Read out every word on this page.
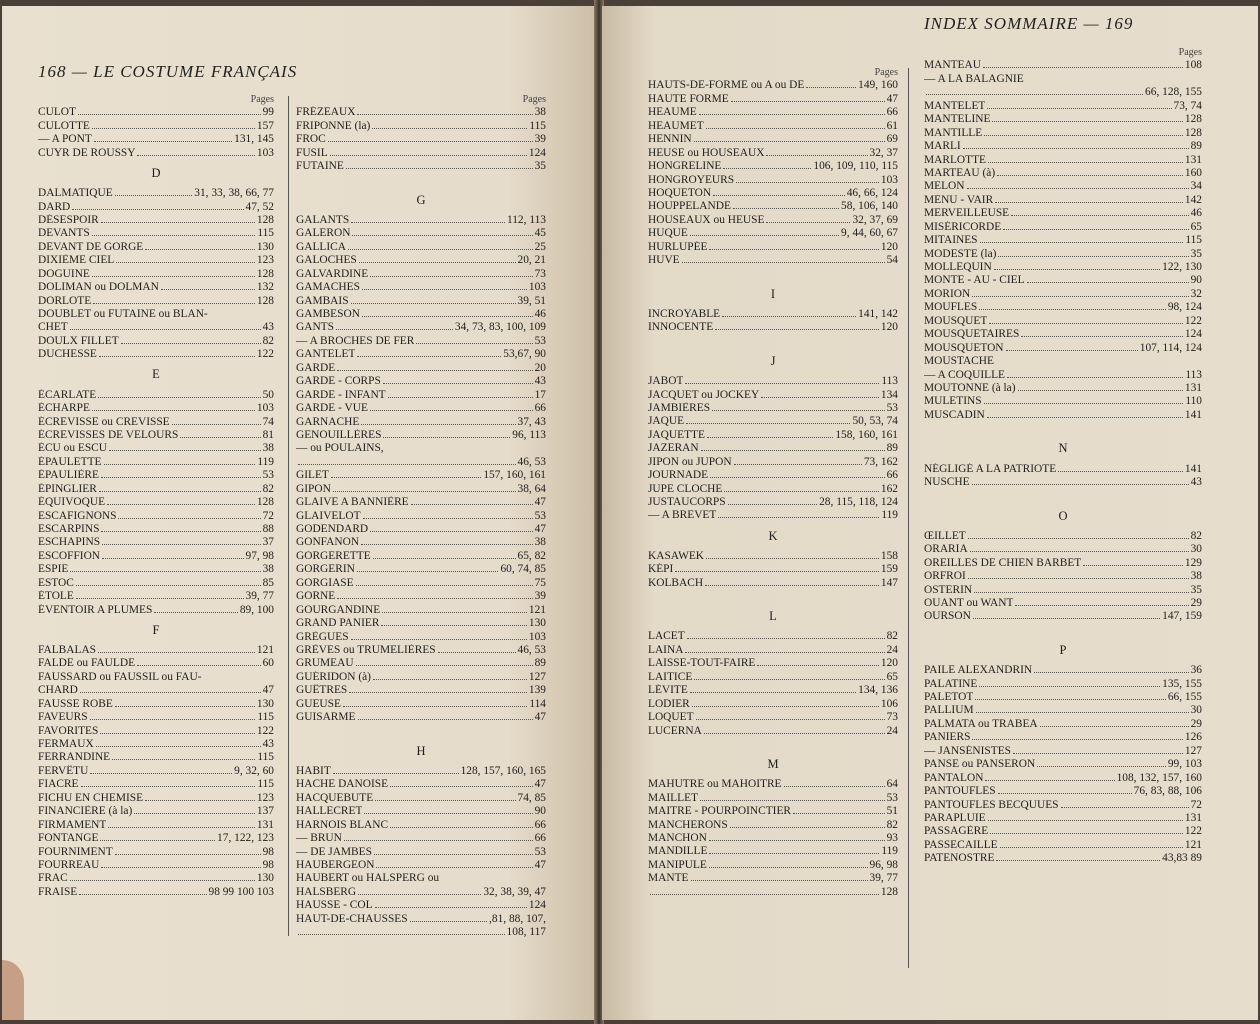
168 — LE COSTUME FRANÇAIS
Pages
CULOT	99
CULOTTE	157
— A PONT	131, 145
CUYR DE ROUSSY	103
D
DALMATIQUE	31, 33, 38, 66, 77
DARD	47, 52
DÉSESPOIR	128
DEVANTS	115
DEVANT DE GORGE	130
DIXIÈME CIEL	123
DOGUINE	128
DOLIMAN ou DOLMAN	132
DORLOTE	128
DOUBLET ou FUTAINE ou BLAN-
CHET	43
DOULX FILLET	82
DUCHESSE	122
E
ÉCARLATE	50
ÉCHARPE	103
ÉCREVISSE ou CREVISSE	74
ÉCREVISSES DE VELOURS	81
ÉCU ou ESCU	38
ÉPAULETTE	119
ÉPAULIÈRE	53
ÉPINGLIER	82
ÉQUIVOQUE	128
ESCAFIGNONS	72
ESCARPINS	88
ESCHAPINS	37
ESCOFFION	97, 98
ESPIE	38
ESTOC	85
ÉTOLE	39, 77
ÉVENTOIR A PLUMES	89, 100
F
FALBALAS	121
FALDE ou FAULDE	60
FAUSSARD ou FAUSSIL ou FAU-
CHARD	47
FAUSSE ROBE	130
FAVEURS	115
FAVORITES	122
FERMAUX	43
FERRANDINE	115
FERVÊTU	9, 32, 60
FIACRE	115
FICHU EN CHEMISE	123
FINANCIÈRE (à la)	137
FIRMAMENT	131
FONTANGE	17, 122, 123
FOURNIMENT	98
FOURREAU	98
FRAC	130
FRAISE	98 99 100 103
Pages
FRÉZEAUX	38
FRIPONNE (la)	115
FROC	39
FUSIL	124
FUTAINE	35
G
GALANTS	112, 113
GALERON	45
GALLICA	25
GALOCHES	20, 21
GALVARDINE	73
GAMACHES	103
GAMBAIS	39, 51
GAMBESON	46
GANTS	34, 73, 83, 100, 109
— A BROCHES DE FER	53
GANTELET	53,67, 90
GARDE	20
GARDE - CORPS	43
GARDE - INFANT	17
GARDE - VUE	66
GARNACHE	37, 43
GENOUILLÈRES	96, 113
— ou POULAINS,
46, 53
GILET	157, 160, 161
GIPON	38, 64
GLAIVE A BANNIÈRE	47
GLAIVELOT	53
GODENDARD	47
GONFANON	38
GORGERETTE	65, 82
GORGERIN	60, 74, 85
GORGIASE	75
GORNE	39
GOURGANDINE	121
GRAND PANIER	130
GRÈGUES	103
GRÈVES ou TRUMELIÈRES	46, 53
GRUMEAU	89
GUÉRIDON (à)	127
GUÊTRES	139
GUEUSE	114
GUISARME	47
H
HABIT	128, 157, 160, 165
HACHE DANOISE	47
HACQUEBUTE	74, 85
HALLECRET	90
HARNOIS BLANC	66
— BRUN	66
— DE JAMBES	53
HAUBERGEON	47
HAUBERT ou HALSPERG ou
HALSBERG	32, 38, 39, 47
HAUSSE - COL	124
HAUT-DE-CHAUSSES	,81, 88, 107,
108, 117
INDEX SOMMAIRE — 169
Pages
HAUTS-DE-FORME ou A ou DE	149, 160
HAUTE FORME	47
HEAUME	66
HEAUMET	61
HENNIN	69
HEUSE ou HOUSEAUX	32, 37
HONGRELINE	106, 109, 110, 115
HONGROYEURS	103
HOQUETON	46, 66, 124
HOUPPELANDE	58, 106, 140
HOUSEAUX ou HEUSE	32, 37, 69
HUQUE	9, 44, 60, 67
HURLUPÉE	120
HUVE	54
I
INCROYABLE	141, 142
INNOCENTE	120
J
JABOT	113
JACQUET ou JOCKEY	134
JAMBIÈRES	53
JAQUE	50, 53, 74
JAQUETTE	158, 160, 161
JAZERAN	89
JIPON ou JUPON	73, 162
JOURNADE	66
JUPE CLOCHE	162
JUSTAUCORPS	28, 115, 118, 124
— A BREVET	119
K
KASAWEK	158
KÉPI	159
KOLBACH	147
L
LACET	82
LAINA	24
LAISSE-TOUT-FAIRE	120
LAITICE	65
LÉVITE	134, 136
LODIER	106
LOQUET	73
LUCERNA	24
M
MAHUTRE ou MAHOITRE	64
MAILLET	53
MAITRE - POURPOINCTIER	51
MANCHERONS	82
MANCHON	93
MANDILLE	119
MANIPULE	96, 98
MANTE	39, 77
128
Pages
MANTEAU	108
— A LA BALAGNIE
66, 128, 155
MANTELET	73, 74
MANTELINE	128
MANTILLE	128
MARLI	89
MARLOTTE	131
MARTEAU (à)	160
MELON	34
MENU - VAIR	142
MERVEILLEUSE	46
MISÉRICORDE	65
MITAINES	115
MODESTE (la)	35
MOLLEQUIN	122, 130
MONTE - AU - CIEL	90
MORION	32
MOUFLES	98, 124
MOUSQUET	122
MOUSQUETAIRES	124
MOUSQUETON	107, 114, 124
MOUSTACHE
— A COQUILLE	113
MOUTONNE (à la)	131
MULETINS	110
MUSCADIN	141
N
NÉGLIGÉ A LA PATRIOTE	141
NUSCHE	43
O
ŒILLET	82
ORARIA	30
OREILLES DE CHIEN BARBET	129
ORFROI	38
OSTERIN	35
OUANT ou WANT	29
OURSON	147, 159
P
PAILE ALEXANDRIN	36
PALATINE	135, 155
PALETOT	66, 155
PALLIUM	30
PALMATA ou TRABEA	29
PANIERS	126
— JANSÉNISTES	127
PANSE ou PANSERON	99, 103
PANTALON	108, 132, 157, 160
PANTOUFLES	76, 83, 88, 106
PANTOUFLES BECQUUES	72
PARAPLUIE	131
PASSAGÈRE	122
PASSECAILLE	121
PATENOSTRE	43,83 89
